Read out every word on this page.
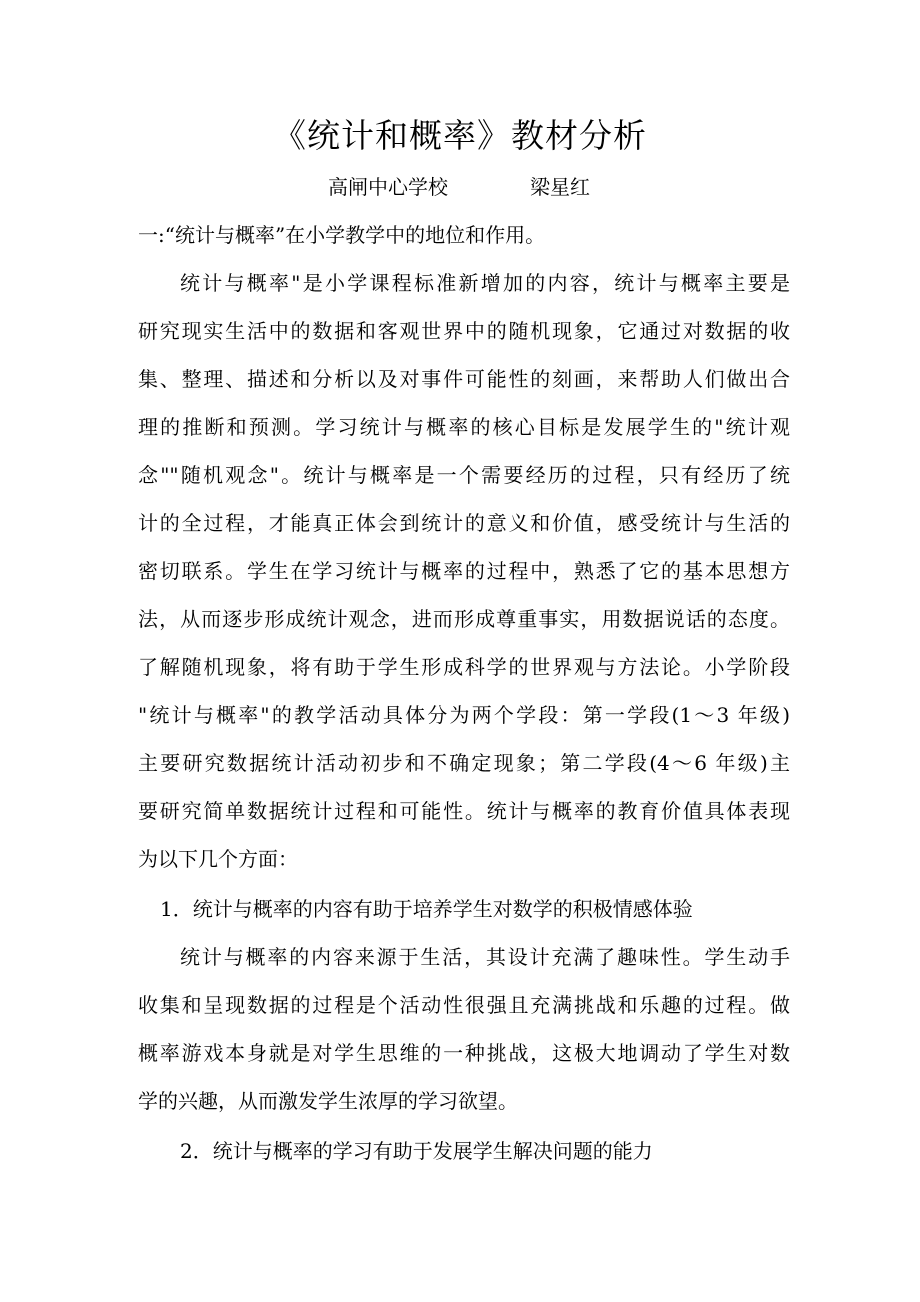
《统计和概率》教材分析
高闸中心学校	梁星红
一:“统计与概率”在小学教学中的地位和作用。
统计与概率"是小学课程标准新增加的内容，统计与概率主要是
研究现实生活中的数据和客观世界中的随机现象，它通过对数据的收
集、整理、描述和分析以及对事件可能性的刻画，来帮助人们做出合
理的推断和预测。学习统计与概率的核心目标是发展学生的"统计观
念""随机观念"。统计与概率是一个需要经历的过程，只有经历了统
计的全过程，才能真正体会到统计的意义和价值，感受统计与生活的
密切联系。学生在学习统计与概率的过程中，熟悉了它的基本思想方
法，从而逐步形成统计观念，进而形成尊重事实，用数据说话的态度。
了解随机现象，将有助于学生形成科学的世界观与方法论。小学阶段
"统计与概率"的教学活动具体分为两个学段：第一学段(1～3 年级)
主要研究数据统计活动初步和不确定现象；第二学段(4～6 年级)主
要研究简单数据统计过程和可能性。统计与概率的教育价值具体表现
为以下几个方面：
1．统计与概率的内容有助于培养学生对数学的积极情感体验
统计与概率的内容来源于生活，其设计充满了趣味性。学生动手
收集和呈现数据的过程是个活动性很强且充满挑战和乐趣的过程。做
概率游戏本身就是对学生思维的一种挑战，这极大地调动了学生对数
学的兴趣，从而激发学生浓厚的学习欲望。
2．统计与概率的学习有助于发展学生解决问题的能力
